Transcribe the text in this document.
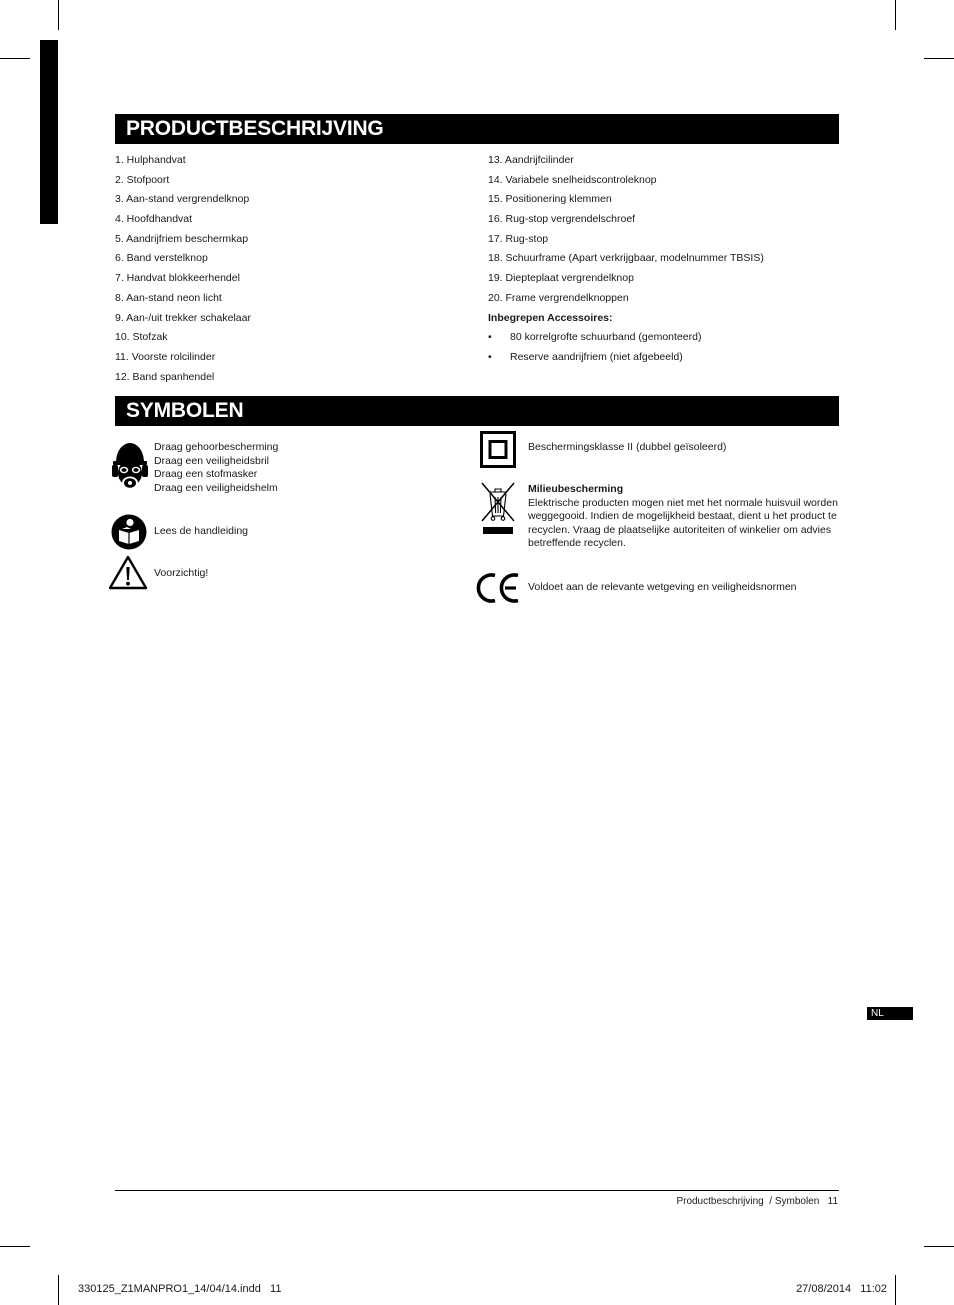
PRODUCTBESCHRIJVING
1. Hulphandvat
2. Stofpoort
3. Aan-stand vergrendelknop
4. Hoofdhandvat
5. Aandrijfriem beschermkap
6. Band verstelknop
7. Handvat blokkeerhendel
8. Aan-stand neon licht
9. Aan-/uit trekker schakelaar
10. Stofzak
11. Voorste rolcilinder
12. Band spanhendel
13. Aandrijfcilinder
14. Variabele snelheidscontroleknop
15. Positionering klemmen
16. Rug-stop vergrendelschroef
17. Rug-stop
18. Schuurframe (Apart verkrijgbaar, modelnummer TBSIS)
19. Diepteplaat vergrendelknop
20. Frame vergrendelknoppen
Inbegrepen Accessoires:
• 80 korrelgrofte schuurband (gemonteerd)
• Reserve aandrijfriem (niet afgebeeld)
SYMBOLEN
Draag gehoorbescherming
Draag een veiligheidsbril
Draag een stofmasker
Draag een veiligheidshelm
Lees de handleiding
Voorzichtig!
Beschermingsklasse II (dubbel geïsoleerd)
Milieubescherming
Elektrische producten mogen niet met het normale huisvuil worden
weggegooid. Indien de mogelijkheid bestaat, dient u het product te
recyclen. Vraag de plaatselijke autoriteiten of winkelier om advies
betreffende recyclen.
Voldoet aan de relevante wetgeving en veiligheidsnormen
NL
Productbeschrijving  / Symbolen   11
330125_Z1MANPRO1_14/04/14.indd   11	27/08/2014   11:02
